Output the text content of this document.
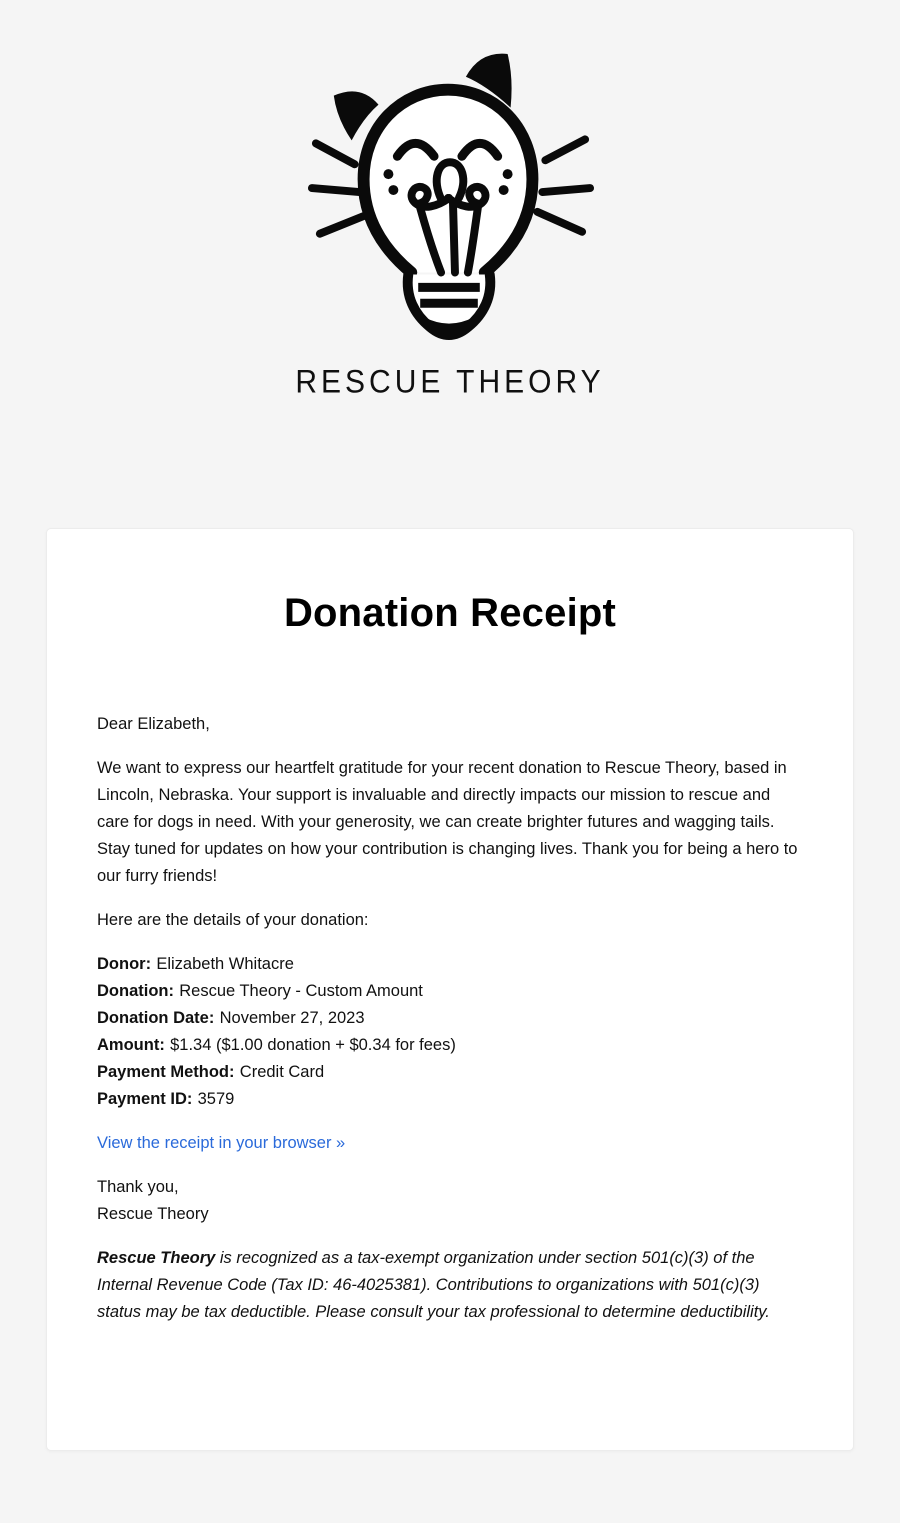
RESCUE THEORY
Donation Receipt

Dear Elizabeth,

We want to express our heartfelt gratitude for your recent donation to Rescue Theory, based in Lincoln, Nebraska. Your support is invaluable and directly impacts our mission to rescue and care for dogs in need. With your generosity, we can create brighter futures and wagging tails. Stay tuned for updates on how your contribution is changing lives. Thank you for being a hero to our furry friends!

Here are the details of your donation:

Donor: Elizabeth Whitacre
Donation: Rescue Theory - Custom Amount
Donation Date: November 27, 2023
Amount: $1.34 ($1.00 donation + $0.34 for fees)
Payment Method: Credit Card
Payment ID: 3579
View the receipt in your browser »

Thank you,

Rescue Theory

Rescue Theory is recognized as a tax-exempt organization under section 501(c)(3) of the Internal Revenue Code (Tax ID: 46-4025381). Contributions to organizations with 501(c)(3) status may be tax deductible. Please consult your tax professional to determine deductibility.
